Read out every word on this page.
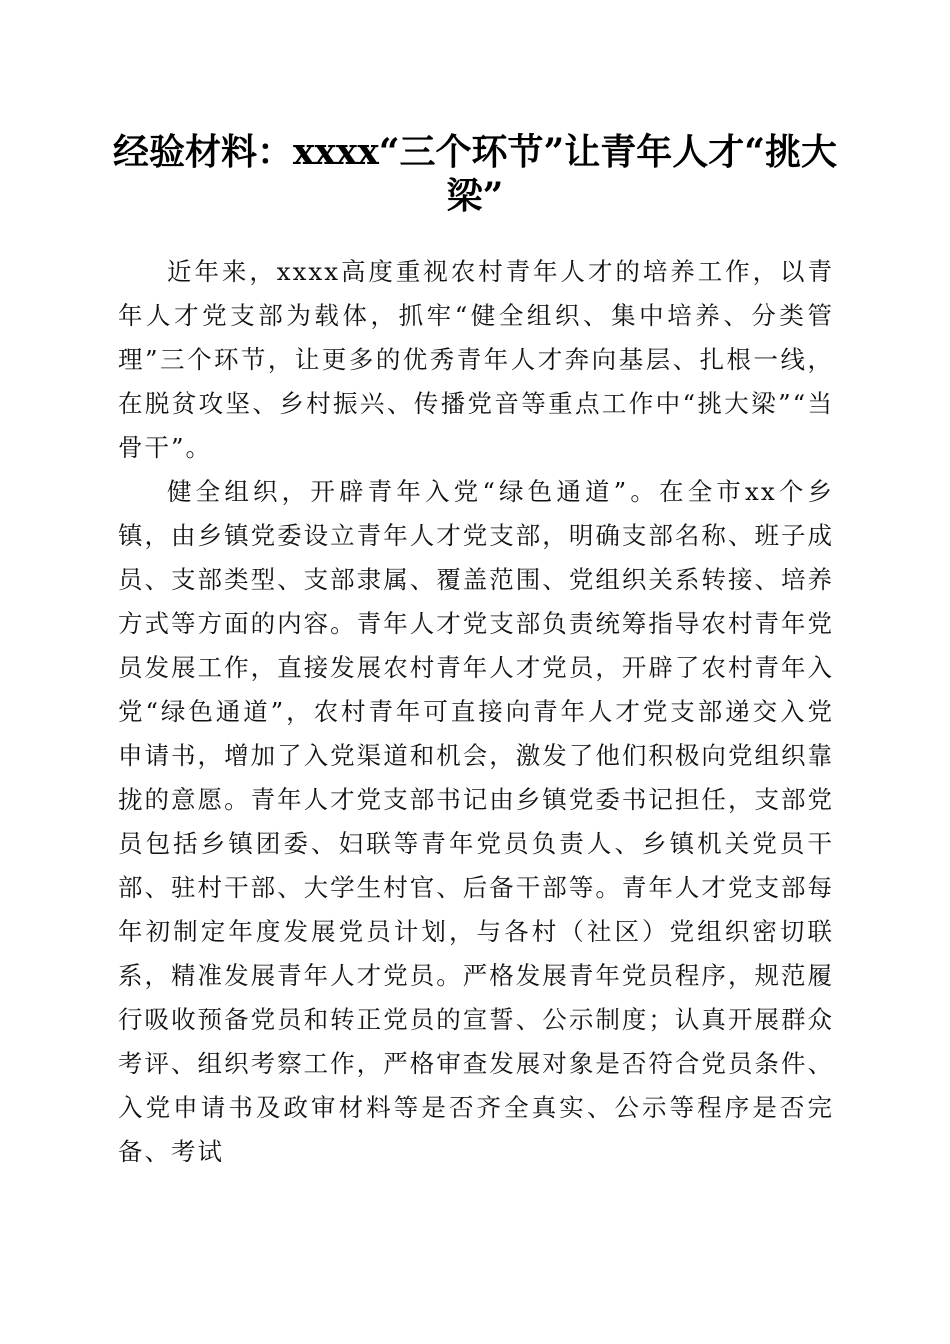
经验材料：xxxx“三个环节”让青年人才“挑大梁”

近年来，xxxx高度重视农村青年人才的培养工作，以青年人才党支部为载体，抓牢“健全组织、集中培养、分类管理”三个环节，让更多的优秀青年人才奔向基层、扎根一线，在脱贫攻坚、乡村振兴、传播党音等重点工作中“挑大梁”“当骨干”。

健全组织，开辟青年入党“绿色通道”。在全市xx个乡镇，由乡镇党委设立青年人才党支部，明确支部名称、班子成员、支部类型、支部隶属、覆盖范围、党组织关系转接、培养方式等方面的内容。青年人才党支部负责统筹指导农村青年党员发展工作，直接发展农村青年人才党员，开辟了农村青年入党“绿色通道”，农村青年可直接向青年人才党支部递交入党申请书，增加了入党渠道和机会，激发了他们积极向党组织靠拢的意愿。青年人才党支部书记由乡镇党委书记担任，支部党员包括乡镇团委、妇联等青年党员负责人、乡镇机关党员干部、驻村干部、大学生村官、后备干部等。青年人才党支部每年初制定年度发展党员计划，与各村（社区）党组织密切联系，精准发展青年人才党员。严格发展青年党员程序，规范履行吸收预备党员和转正党员的宣誓、公示制度；认真开展群众考评、组织考察工作，严格审查发展对象是否符合党员条件、入党申请书及政审材料等是否齐全真实、公示等程序是否完备、考试
